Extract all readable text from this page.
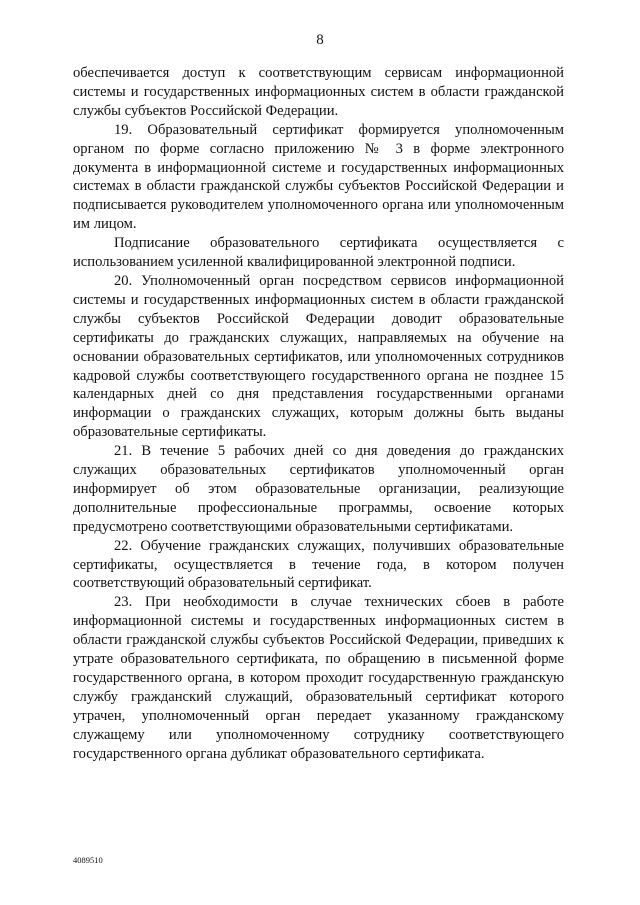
8

обеспечивается доступ к соответствующим сервисам информационной системы и государственных информационных систем в области гражданской службы субъектов Российской Федерации.

19. Образовательный сертификат формируется уполномоченным органом по форме согласно приложению № 3 в форме электронного документа в информационной системе и государственных информационных системах в области гражданской службы субъектов Российской Федерации и подписывается руководителем уполномоченного органа или уполномоченным им лицом.

Подписание образовательного сертификата осуществляется с использованием усиленной квалифицированной электронной подписи.

20. Уполномоченный орган посредством сервисов информационной системы и государственных информационных систем в области гражданской службы субъектов Российской Федерации доводит образовательные сертификаты до гражданских служащих, направляемых на обучение на основании образовательных сертификатов, или уполномоченных сотрудников кадровой службы соответствующего государственного органа не позднее 15 календарных дней со дня представления государственными органами информации о гражданских служащих, которым должны быть выданы образовательные сертификаты.

21. В течение 5 рабочих дней со дня доведения до гражданских служащих образовательных сертификатов уполномоченный орган информирует об этом образовательные организации, реализующие дополнительные профессиональные программы, освоение которых предусмотрено соответствующими образовательными сертификатами.

22. Обучение гражданских служащих, получивших образовательные сертификаты, осуществляется в течение года, в котором получен соответствующий образовательный сертификат.

23. При необходимости в случае технических сбоев в работе информационной системы и государственных информационных систем в области гражданской службы субъектов Российской Федерации, приведших к утрате образовательного сертификата, по обращению в письменной форме государственного органа, в котором проходит государственную гражданскую службу гражданский служащий, образовательный сертификат которого утрачен, уполномоченный орган передает указанному гражданскому служащему или уполномоченному сотруднику соответствующего государственного органа дубликат образовательного сертификата.

4089510
